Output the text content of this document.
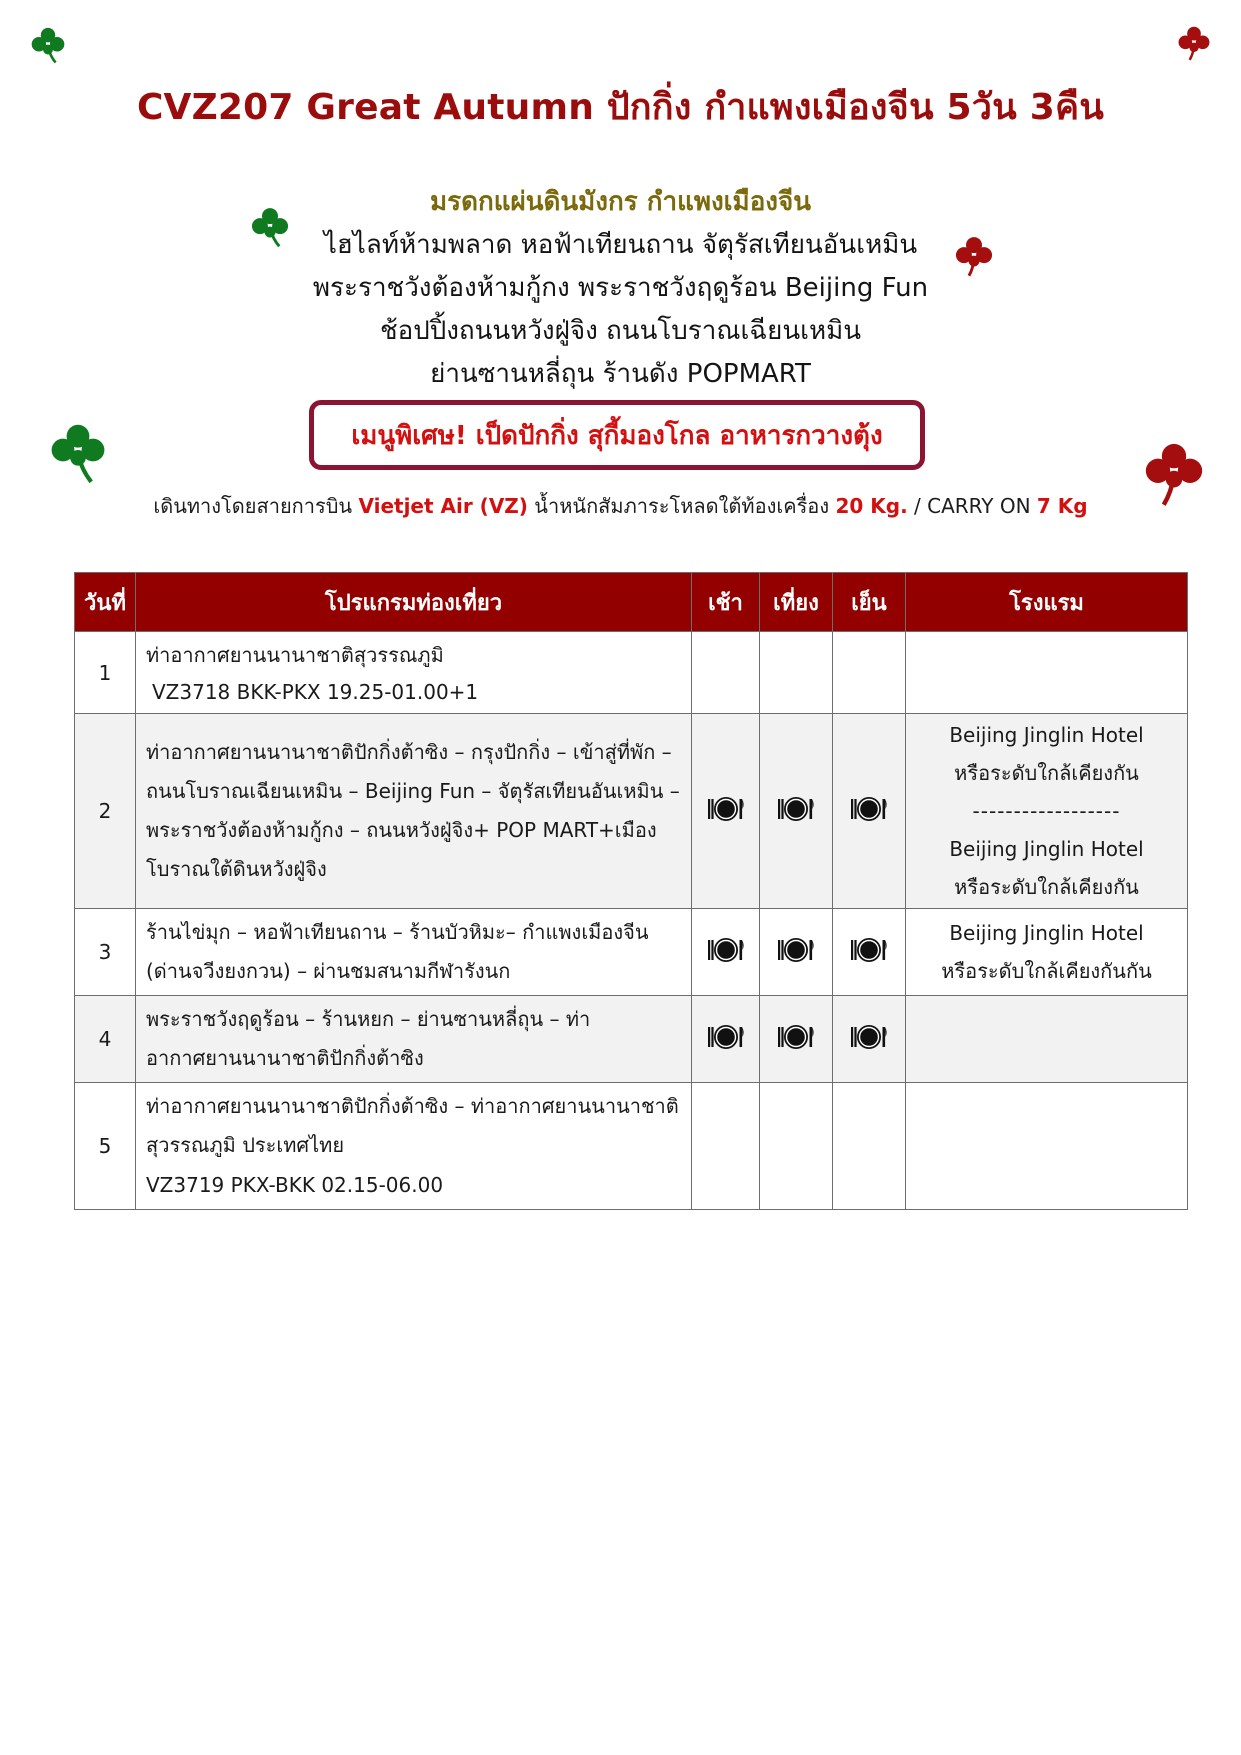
CVZ207 Great Autumn ปักกิ่ง กำแพงเมืองจีน 5วัน 3คืน
มรดกแผ่นดินมังกร กำแพงเมืองจีน
ไฮไลท์ห้ามพลาด หอฟ้าเทียนถาน จัตุรัสเทียนอันเหมิน
พระราชวังต้องห้ามกู้กง พระราชวังฤดูร้อน Beijing Fun
ช้อปปิ้งถนนหวังฝู่จิง ถนนโบราณเฉียนเหมิน
ย่านซานหลี่ถุน ร้านดัง POPMART
เมนูพิเศษ! เป็ดปักกิ่ง สุกี้มองโกล อาหารกวางตุ้ง
เดินทางโดยสายการบิน Vietjet Air (VZ) น้ำหนักสัมภาระโหลดใต้ท้องเครื่อง 20 Kg. / CARRY ON 7 Kg
วันที่	โปรแกรมท่องเที่ยว	เช้า	เที่ยง	เย็น	โรงแรม
1	ท่าอากาศยานนานาชาติสุวรรณภูมิ
VZ3718 BKK-PKX 19.25-01.00+1				

2	ท่าอากาศยานนานาชาติปักกิ่งต้าซิง – กรุงปักกิ่ง – เข้าสู่ที่พัก – ถนนโบราณเฉียนเหมิน – Beijing Fun – จัตุรัสเทียนอันเหมิน – พระราชวังต้องห้ามกู้กง – ถนนหวังฝู่จิง+ POP MART+เมืองโบราณใต้ดินหวังฝู่จิง				Beijing Jinglin Hotel
หรือระดับใกล้เคียงกัน
------------------
Beijing Jinglin Hotel
หรือระดับใกล้เคียงกัน

3	ร้านไข่มุก – หอฟ้าเทียนถาน – ร้านบัวหิมะ– กำแพงเมืองจีน (ด่านจวีงยงกวน) – ผ่านชมสนามกีฬารังนก				Beijing Jinglin Hotel
หรือระดับใกล้เคียงกันกัน

4	พระราชวังฤดูร้อน – ร้านหยก – ย่านซานหลี่ถุน – ท่าอากาศยานนานาชาติปักกิ่งต้าซิง				
5	ท่าอากาศยานนานาชาติปักกิ่งต้าซิง – ท่าอากาศยานนานาชาติสุวรรณภูมิ ประเทศไทย
VZ3719 PKX-BKK 02.15-06.00				
